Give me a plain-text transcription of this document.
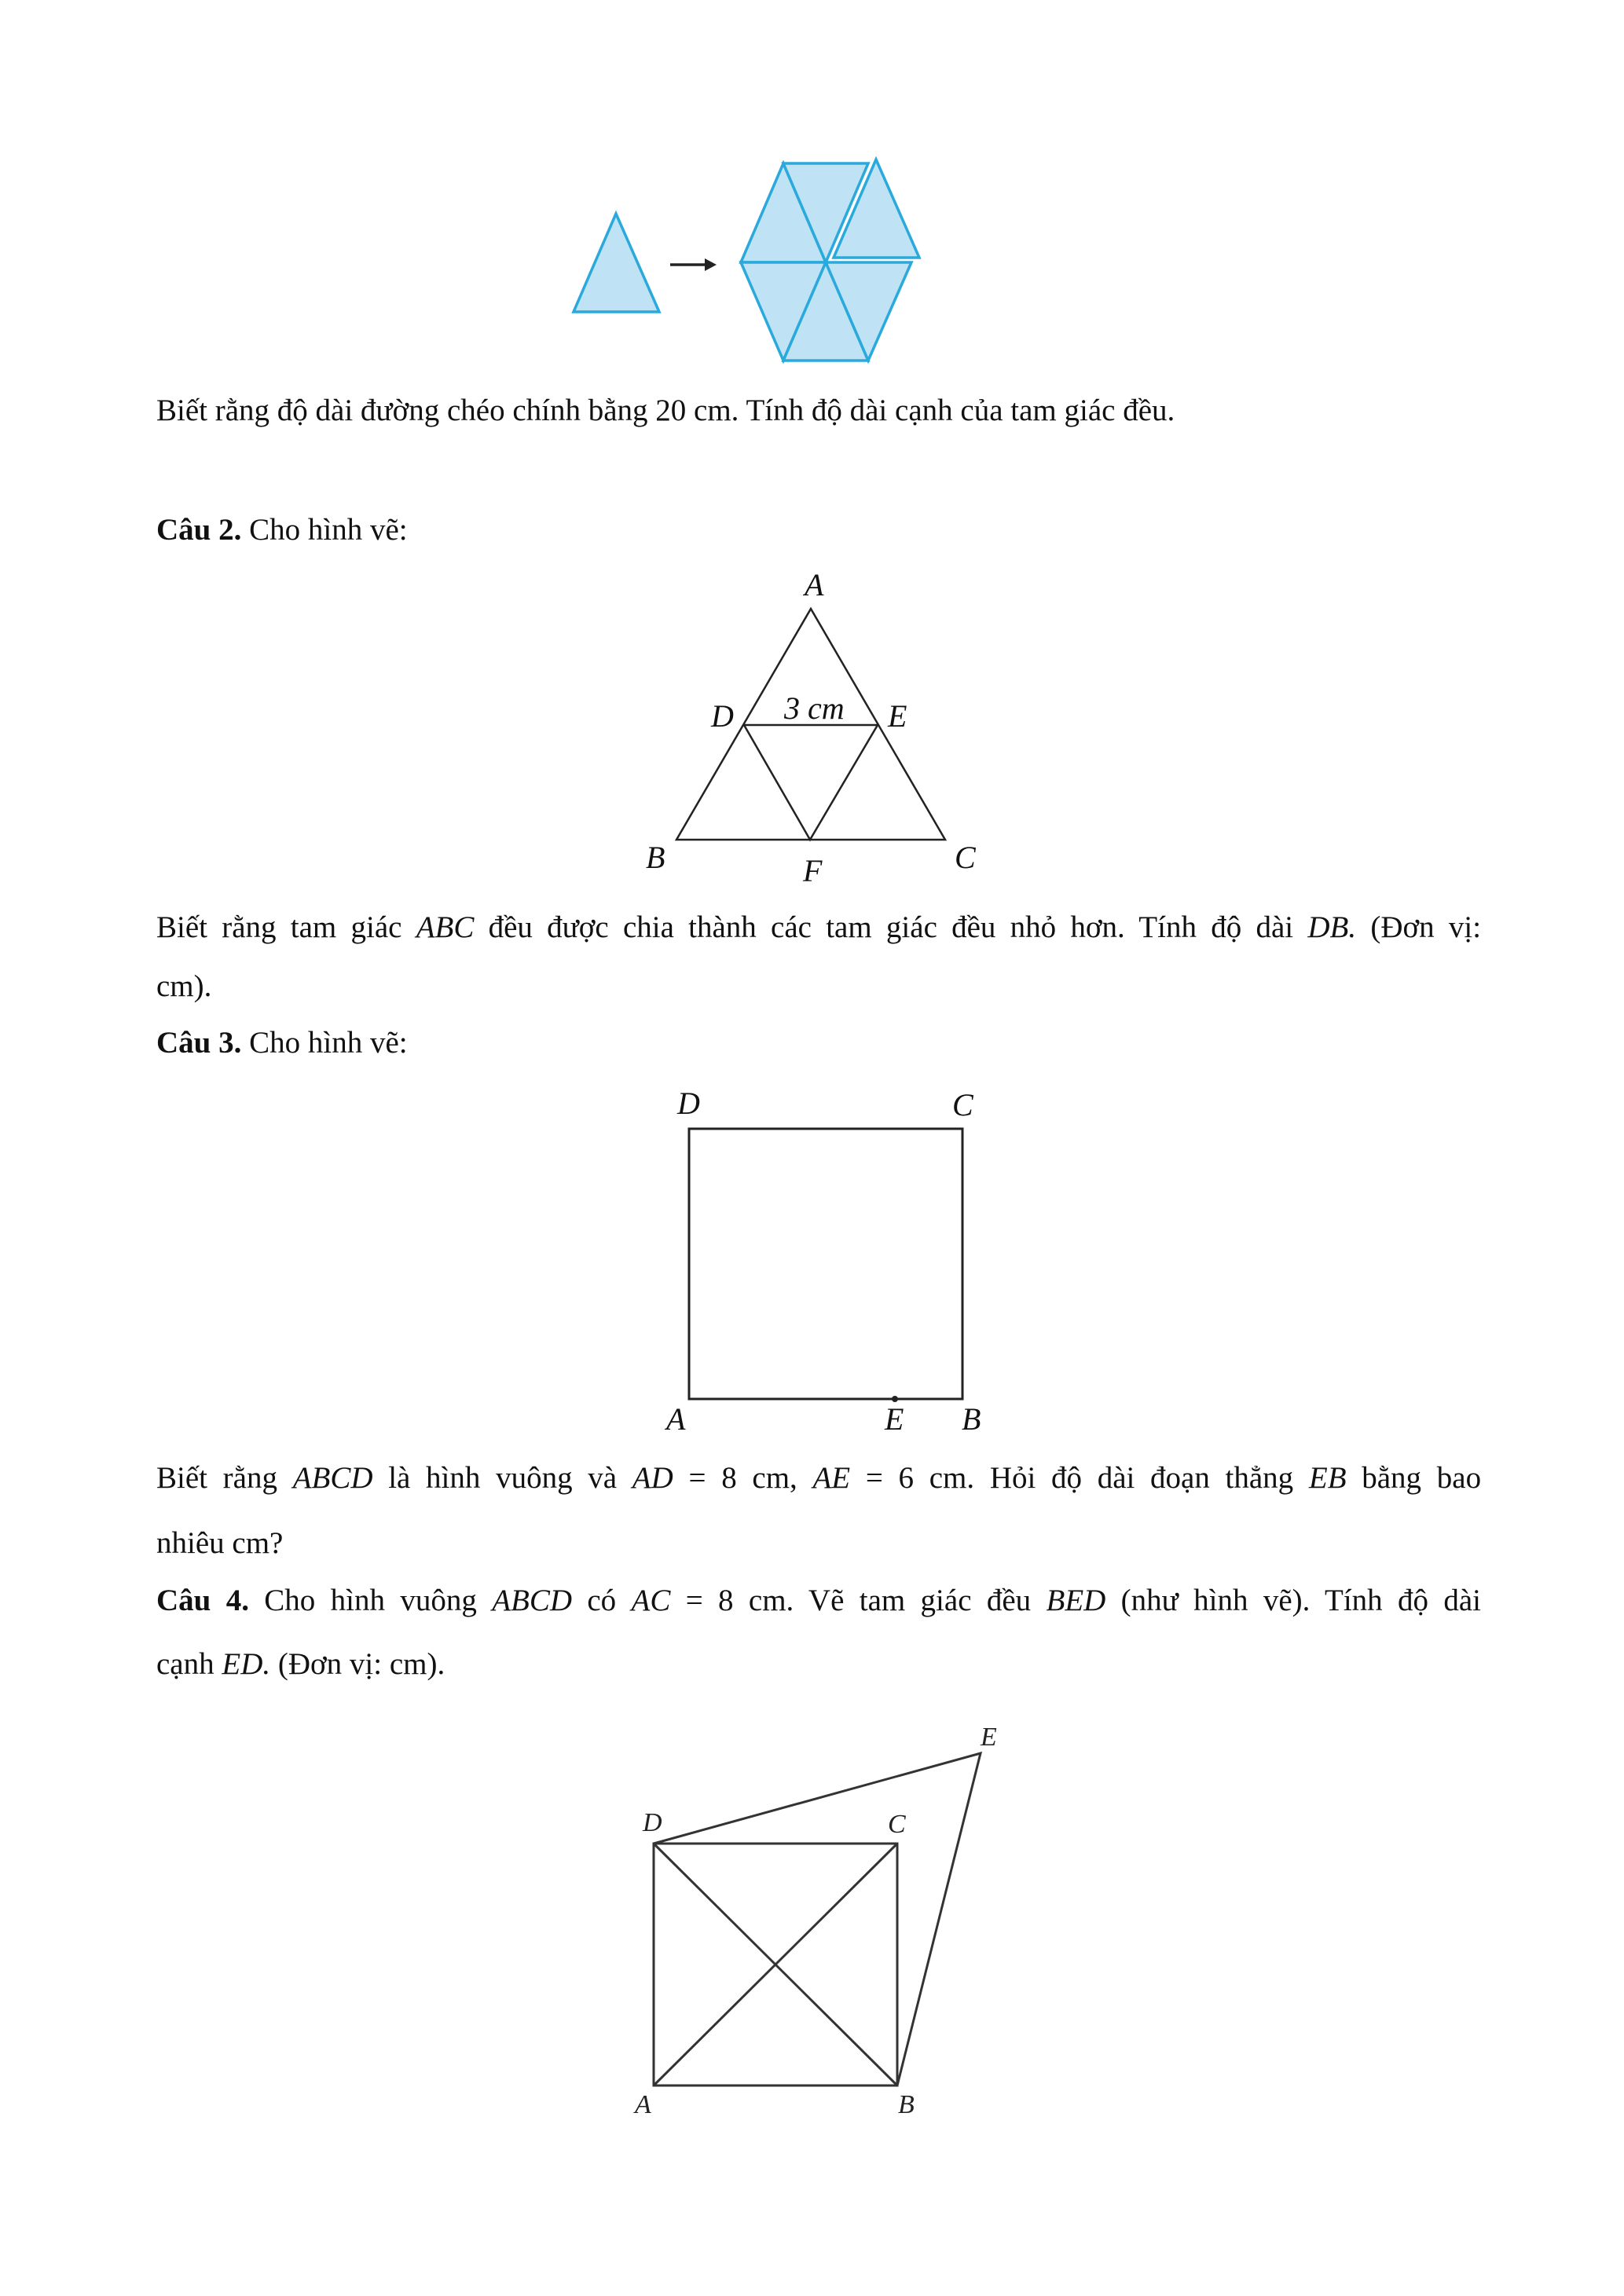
Biết rằng độ dài đường chéo chính bằng 20 cm. Tính độ dài cạnh của tam giác đều.
Câu 2. Cho hình vẽ:
Biết rằng tam giác ABC đều được chia thành các tam giác đều nhỏ hơn. Tính độ dài DB. (Đơn vị:
cm).
Câu 3. Cho hình vẽ:
Biết rằng ABCD là hình vuông và AD = 8 cm, AE = 6 cm. Hỏi độ dài đoạn thẳng EB bằng bao
nhiêu cm?
Câu 4. Cho hình vuông ABCD có AC = 8 cm. Vẽ tam giác đều BED (như hình vẽ). Tính độ dài
cạnh ED. (Đơn vị: cm).
A
D	E
B	F	C
3 cm
D	C
A	E B
E
D	C
A	B
